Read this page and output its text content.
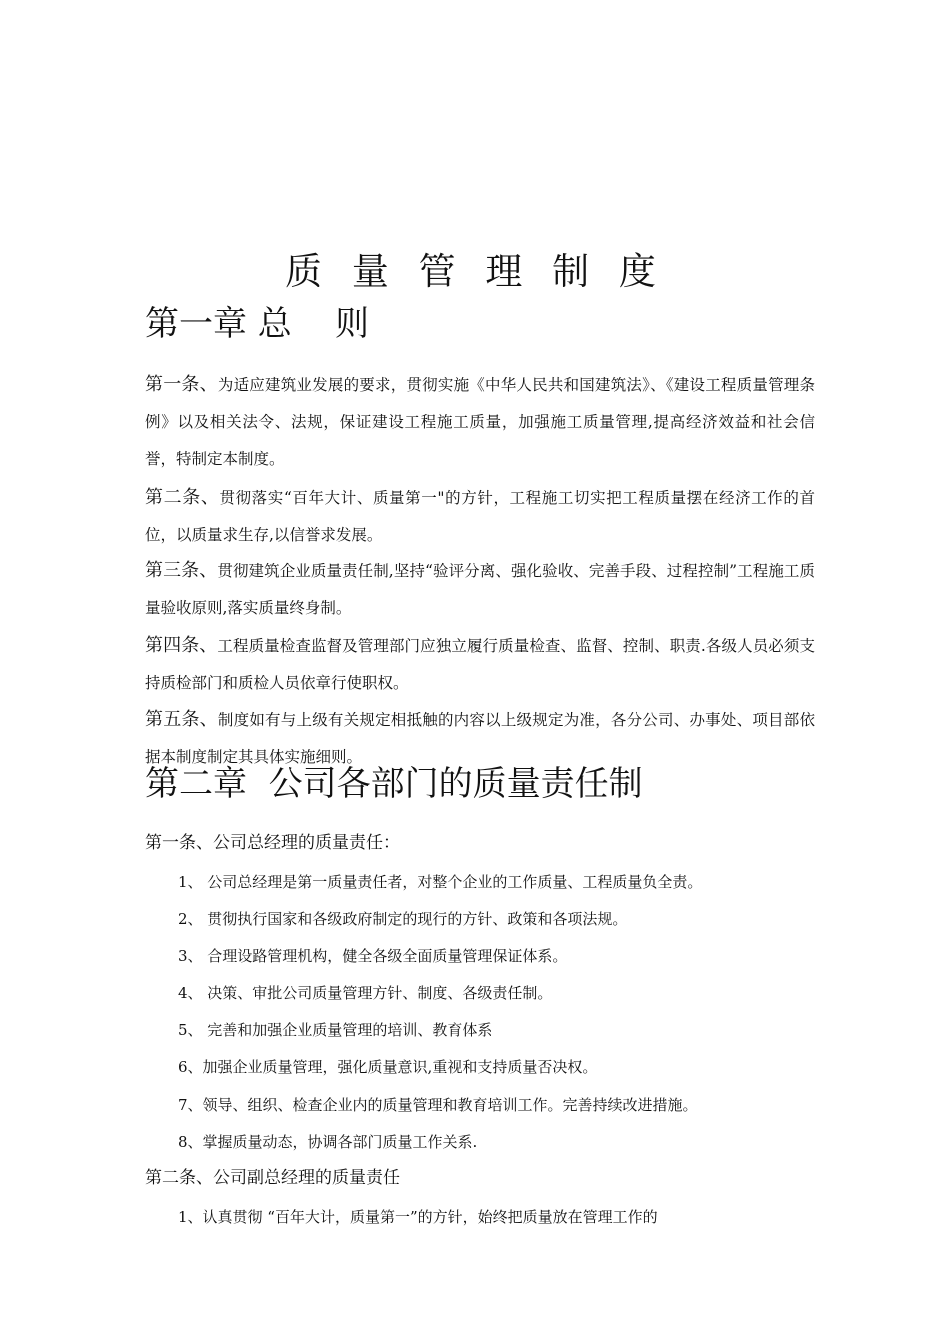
质 量 管 理 制 度
第一章 总    则
第一条、为适应建筑业发展的要求，贯彻实施《中华人民共和国建筑法》、《建设工程质量管理条例》以及相关法令、法规，保证建设工程施工质量，加强施工质量管理,提高经济效益和社会信誉，特制定本制度。
第二条、贯彻落实“百年大计、质量第一"的方针，工程施工切实把工程质量摆在经济工作的首位，以质量求生存,以信誉求发展。
第三条、贯彻建筑企业质量责任制,坚持“验评分离、强化验收、完善手段、过程控制”工程施工质量验收原则,落实质量终身制。
第四条、工程质量检查监督及管理部门应独立履行质量检查、监督、控制、职责.各级人员必须支持质检部门和质检人员依章行使职权。
第五条、制度如有与上级有关规定相抵触的内容以上级规定为准，各分公司、办事处、项目部依据本制度制定其具体实施细则。
第二章  公司各部门的质量责任制
第一条、公司总经理的质量责任：
1、 公司总经理是第一质量责任者，对整个企业的工作质量、工程质量负全责。
2、 贯彻执行国家和各级政府制定的现行的方针、政策和各项法规。
3、 合理设路管理机构，健全各级全面质量管理保证体系。
4、 决策、审批公司质量管理方针、制度、各级责任制。
5、 完善和加强企业质量管理的培训、教育体系
6、加强企业质量管理，强化质量意识,重视和支持质量否决权。
7、领导、组织、检查企业内的质量管理和教育培训工作。完善持续改进措施。
8、掌握质量动态，协调各部门质量工作关系.
第二条、公司副总经理的质量责任
1、认真贯彻 “百年大计，质量第一”的方针，始终把质量放在管理工作的
